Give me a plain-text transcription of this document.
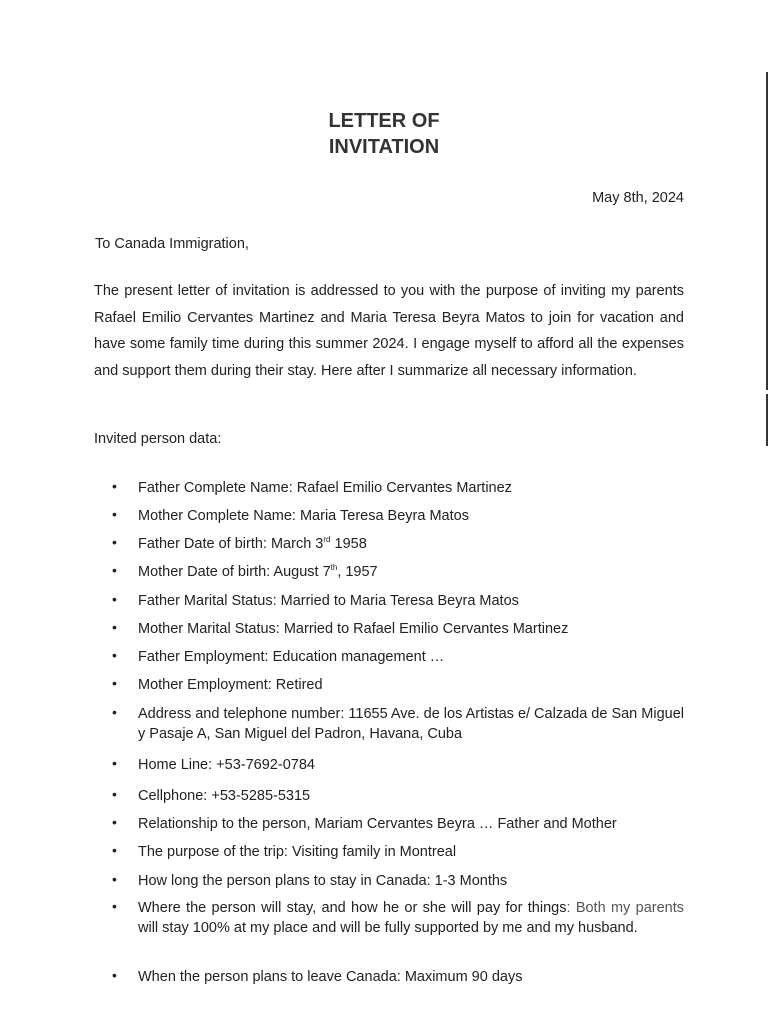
LETTER OF
INVITATION
May 8th, 2024
To Canada Immigration,
The present letter of invitation is addressed to you with the purpose of inviting my parents Rafael Emilio Cervantes Martinez and Maria Teresa Beyra Matos to join for vacation and have some family time during this summer 2024. I engage myself to afford all the expenses and support them during their stay. Here after I summarize all necessary information.
Invited person data:
• Father Complete Name: Rafael Emilio Cervantes Martinez
• Mother Complete Name: Maria Teresa Beyra Matos
• Father Date of birth: March 3rd 1958
• Mother Date of birth: August 7th, 1957
• Father Marital Status: Married to Maria Teresa Beyra Matos
• Mother Marital Status: Married to Rafael Emilio Cervantes Martinez
• Father Employment: Education management …
• Mother Employment: Retired
• Address and telephone number: 11655 Ave. de los Artistas e/ Calzada de San Miguel y Pasaje A, San Miguel del Padron, Havana, Cuba
• Home Line: +53-7692-0784
• Cellphone: +53-5285-5315
• Relationship to the person, Mariam Cervantes Beyra … Father and Mother
• The purpose of the trip: Visiting family in Montreal
• How long the person plans to stay in Canada: 1-3 Months
• Where the person will stay, and how he or she will pay for things: Both my parents will stay 100% at my place and will be fully supported by me and my husband.
• When the person plans to leave Canada: Maximum 90 days
